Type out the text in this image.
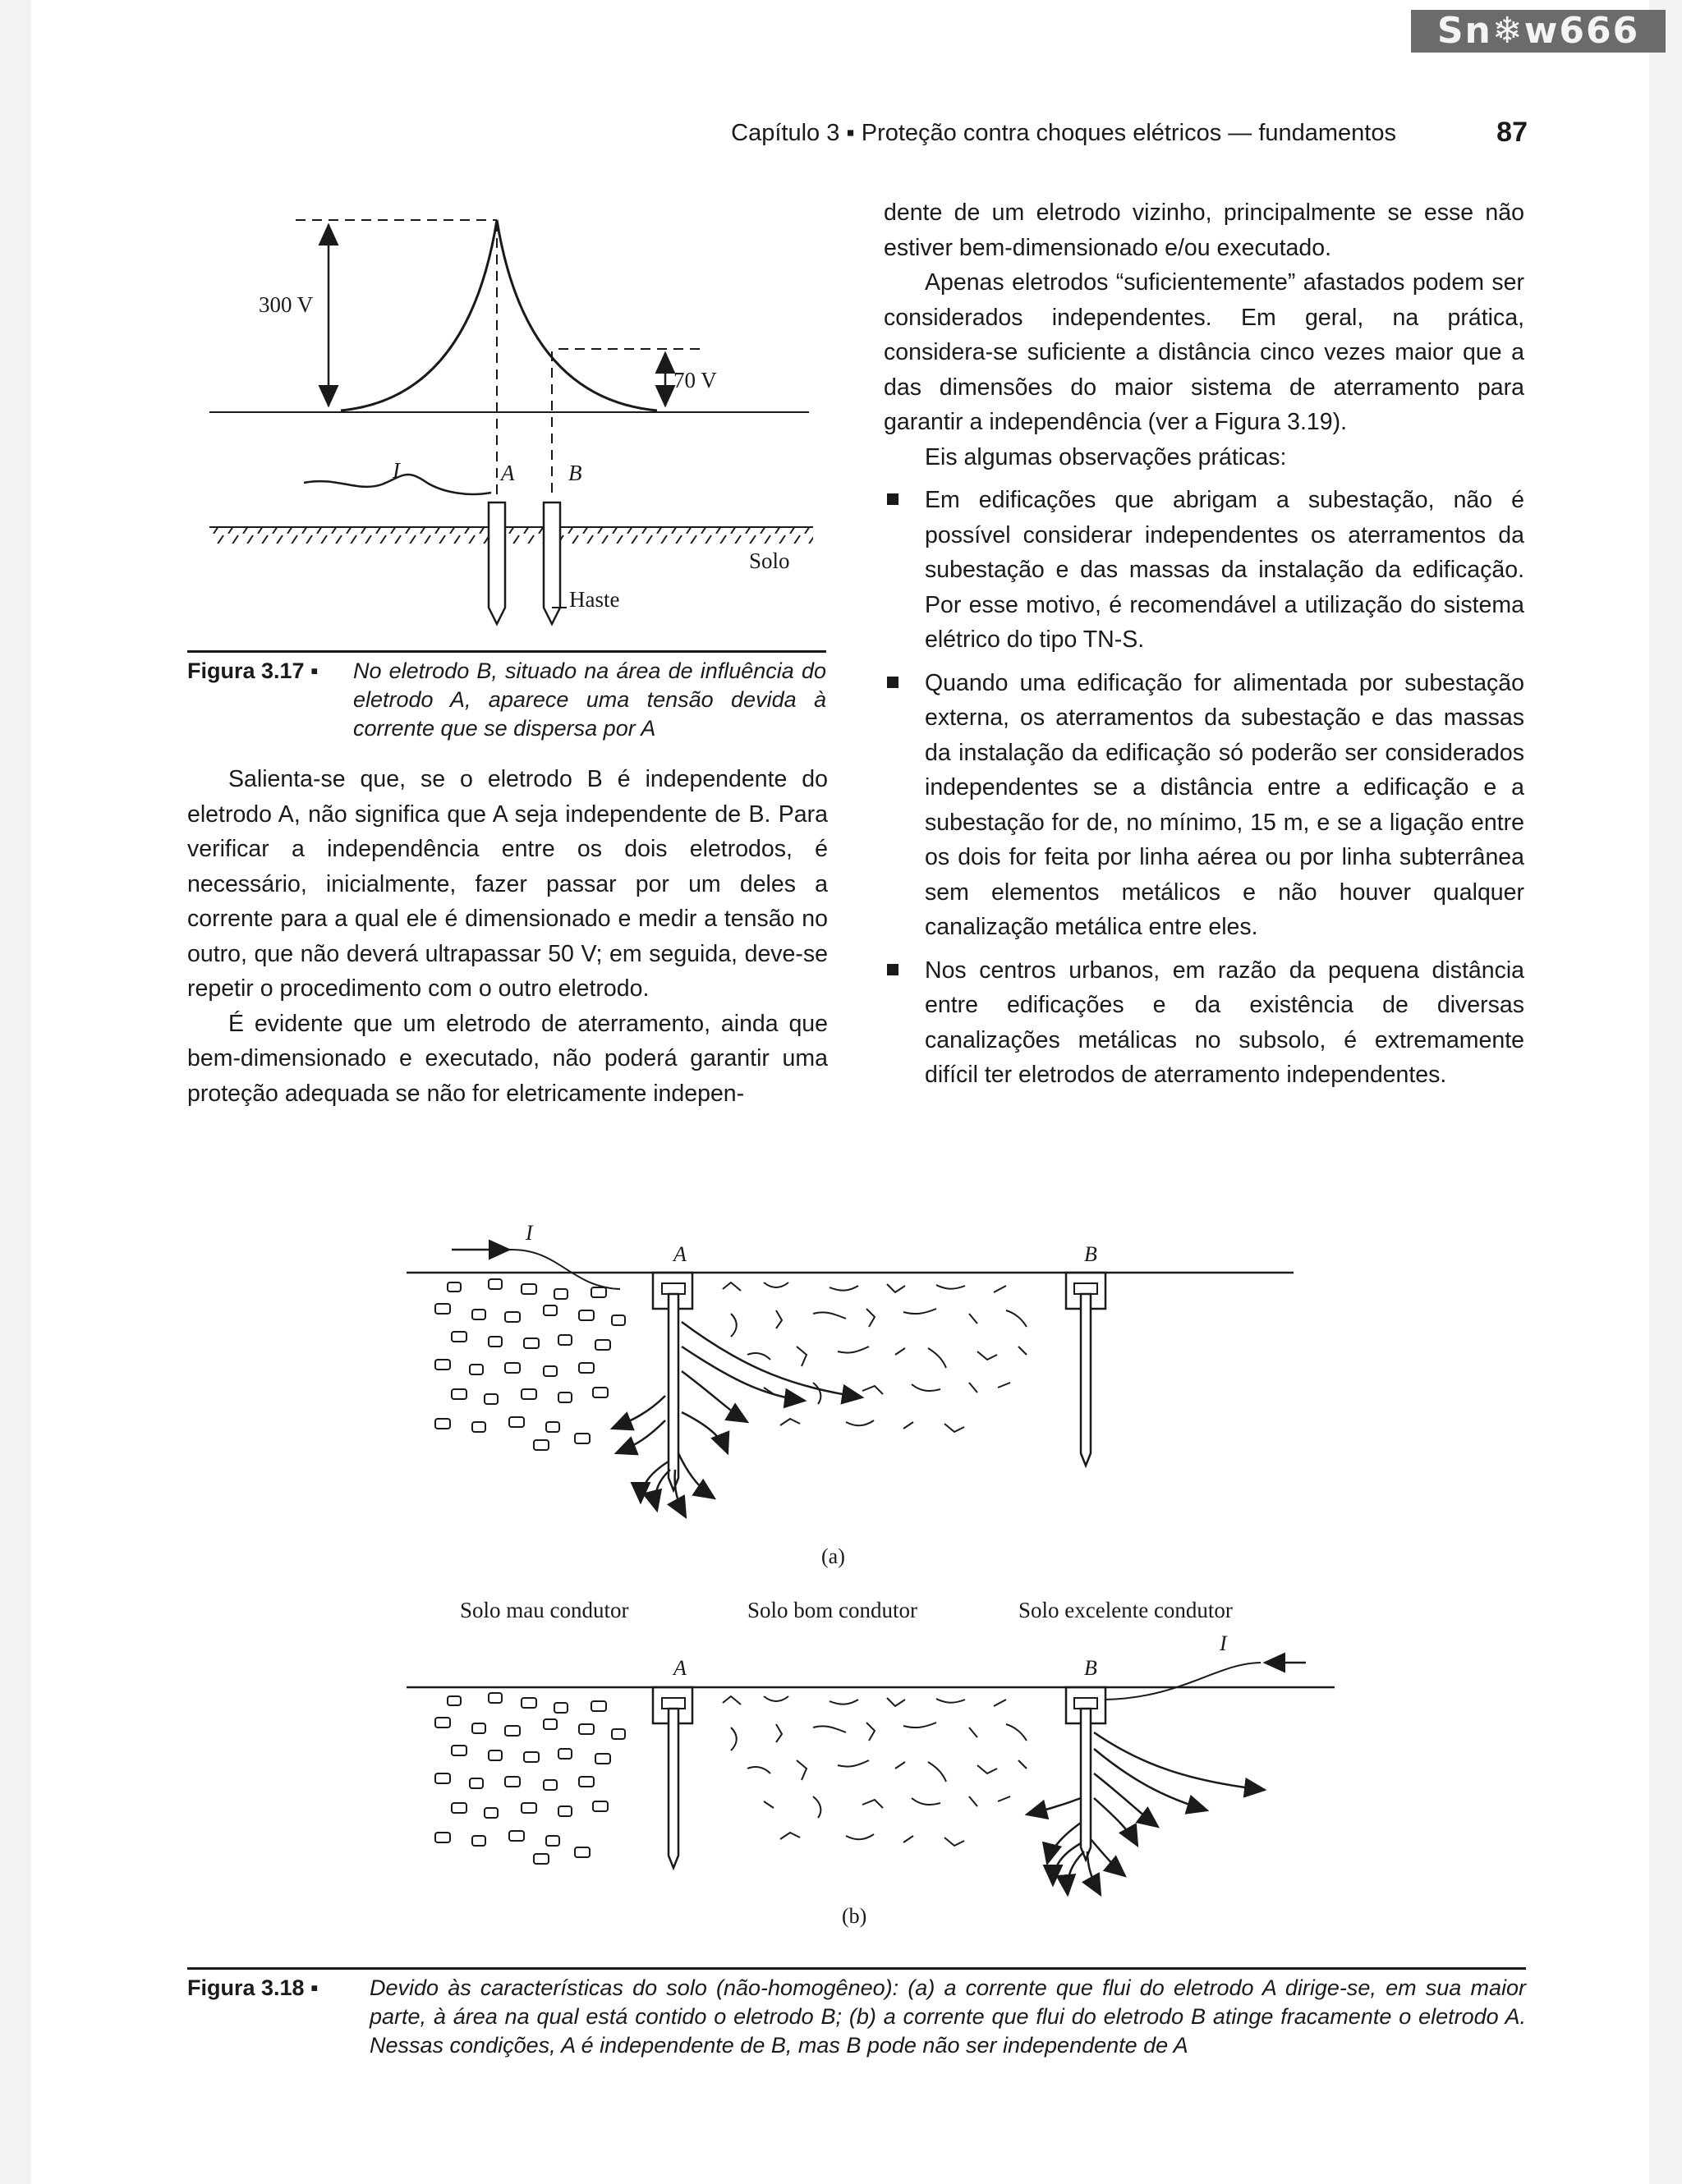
Sn❄w666
Capítulo 3 ▪ Proteção contra choques elétricos — fundamentos	87
300 V
70 V
A B
I
Haste
Solo
Figura 3.17 ▪	No eletrodo B, situado na área de influência do eletrodo A, aparece uma tensão devida à corrente que se dispersa por A

dente de um eletrodo vizinho, principalmente se esse não estiver bem-dimensionado e/ou executado.

Apenas eletrodos “suficientemente” afastados podem ser considerados independentes. Em geral, na prática, considera-se suficiente a distância cinco vezes maior que a das dimensões do maior sistema de aterramento para garantir a independência (ver a Figura 3.19).

Eis algumas observações práticas:

Em edificações que abrigam a subestação, não é possível considerar independentes os aterramentos da subestação e das massas da instalação da edificação. Por esse motivo, é recomendável a utilização do sistema elétrico do tipo TN-S.
Quando uma edificação for alimentada por subestação externa, os aterramentos da subestação e das massas da instalação da edificação só poderão ser considerados independentes se a distância entre a edificação e a subestação for de, no mínimo, 15 m, e se a ligação entre os dois for feita por linha aérea ou por linha subterrânea sem elementos metálicos e não houver qualquer canalização metálica entre eles.
Nos centros urbanos, em razão da pequena distância entre edificações e da existência de diversas canalizações metálicas no subsolo, é extremamente difícil ter eletrodos de aterramento independentes.

Salienta-se que, se o eletrodo B é independente do eletrodo A, não significa que A seja independente de B. Para verificar a independência entre os dois eletrodos, é necessário, inicialmente, fazer passar por um deles a corrente para a qual ele é dimensionado e medir a tensão no outro, que não deverá ultrapassar 50 V; em seguida, deve-se repetir o procedimento com o outro eletrodo.

É evidente que um eletrodo de aterramento, ainda que bem-dimensionado e executado, não poderá garantir uma proteção adequada se não for eletricamente indepen-

I
A	B
(a)
Solo mau condutor	Solo bom condutor	Solo excelente condutor
A	B
I
(b)
Figura 3.18 ▪	Devido às características do solo (não-homogêneo): (a) a corrente que flui do eletrodo A dirige-se, em sua maior parte, à área na qual está contido o eletrodo B; (b) a corrente que flui do eletrodo B atinge fracamente o eletrodo A. Nessas condições, A é independente de B, mas B pode não ser independente de A
